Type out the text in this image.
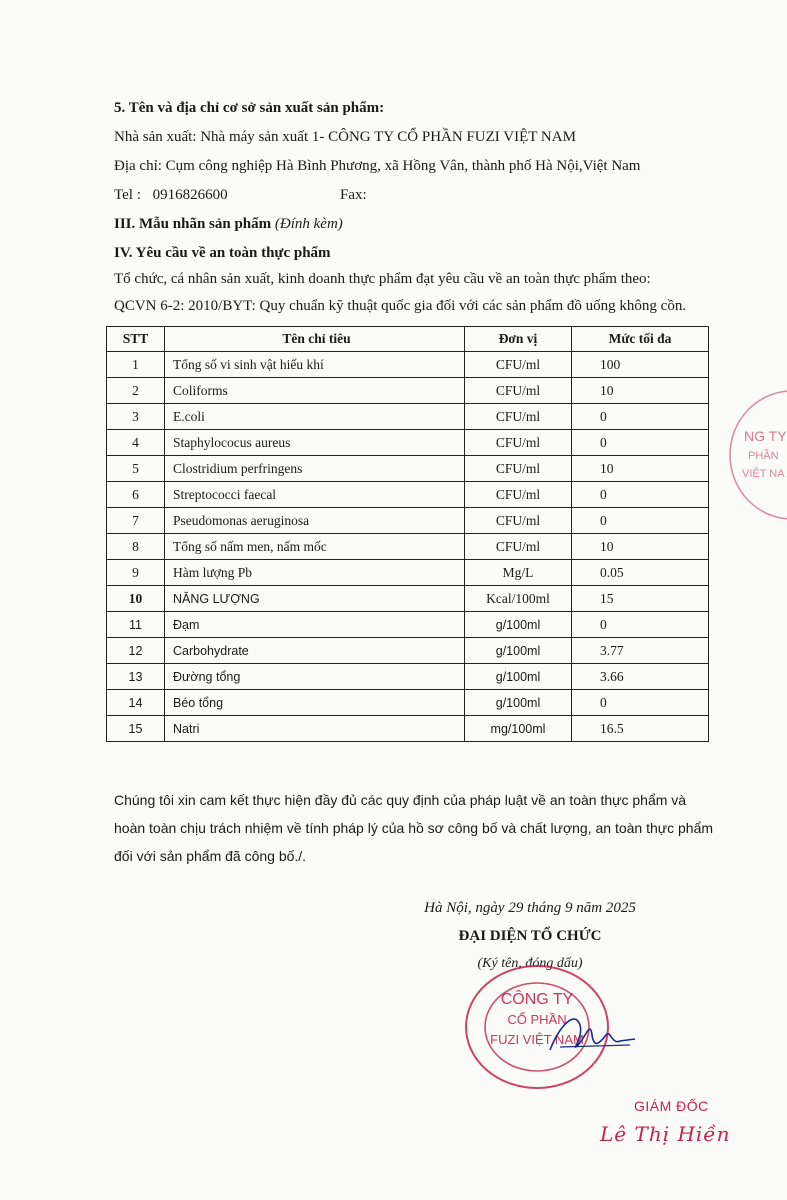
5. Tên và địa chỉ cơ sở sản xuất sản phẩm:
Nhà sản xuất: Nhà máy sản xuất 1- CÔNG TY CỔ PHẦN FUZI VIỆT NAM
Địa chỉ: Cụm công nghiệp Hà Bình Phương, xã Hồng Vân, thành phố Hà Nội,Việt Nam
Tel : 0916826600	Fax:
III. Mẫu nhãn sản phẩm (Đính kèm)
IV. Yêu cầu về an toàn thực phẩm
Tổ chức, cá nhân sản xuất, kinh doanh thực phẩm đạt yêu cầu về an toàn thực phẩm theo:
QCVN 6-2: 2010/BYT: Quy chuẩn kỹ thuật quốc gia đối với các sản phẩm đồ uống không cồn.
STT	Tên chỉ tiêu	Đơn vị	Mức tối đa
1	Tổng số vi sinh vật hiếu khí	CFU/ml	100
2	Coliforms	CFU/ml	10
3	E.coli	CFU/ml	0
4	Staphylococus aureus	CFU/ml	0
5	Clostridium perfringens	CFU/ml	10
6	Streptococci faecal	CFU/ml	0
7	Pseudomonas aeruginosa	CFU/ml	0
8	Tổng số nấm men, nấm mốc	CFU/ml	10
9	Hàm lượng Pb	Mg/L	0.05
10	NĂNG LƯỢNG	Kcal/100ml	15
11	Đạm	g/100ml	0
12	Carbohydrate	g/100ml	3.77
13	Đường tổng	g/100ml	3.66
14	Béo tổng	g/100ml	0
15	Natri	mg/100ml	16.5
Chúng tôi xin cam kết thực hiện đầy đủ các quy định của pháp luật về an toàn thực phẩm và
hoàn toàn chịu trách nhiệm về tính pháp lý của hồ sơ công bố và chất lượng, an toàn thực phẩm
đối với sản phẩm đã công bố./.
Hà Nội, ngày 29 tháng 9 năm 2025
ĐẠI DIỆN TỔ CHỨC
(Ký tên, đóng dấu)
CÔNG TY
CỔ PHẦN
FUZI VIỆT NAM
GIÁM ĐỐC
Lê Thị Hiền
NG TY
PHẦN
VIỆT NA
